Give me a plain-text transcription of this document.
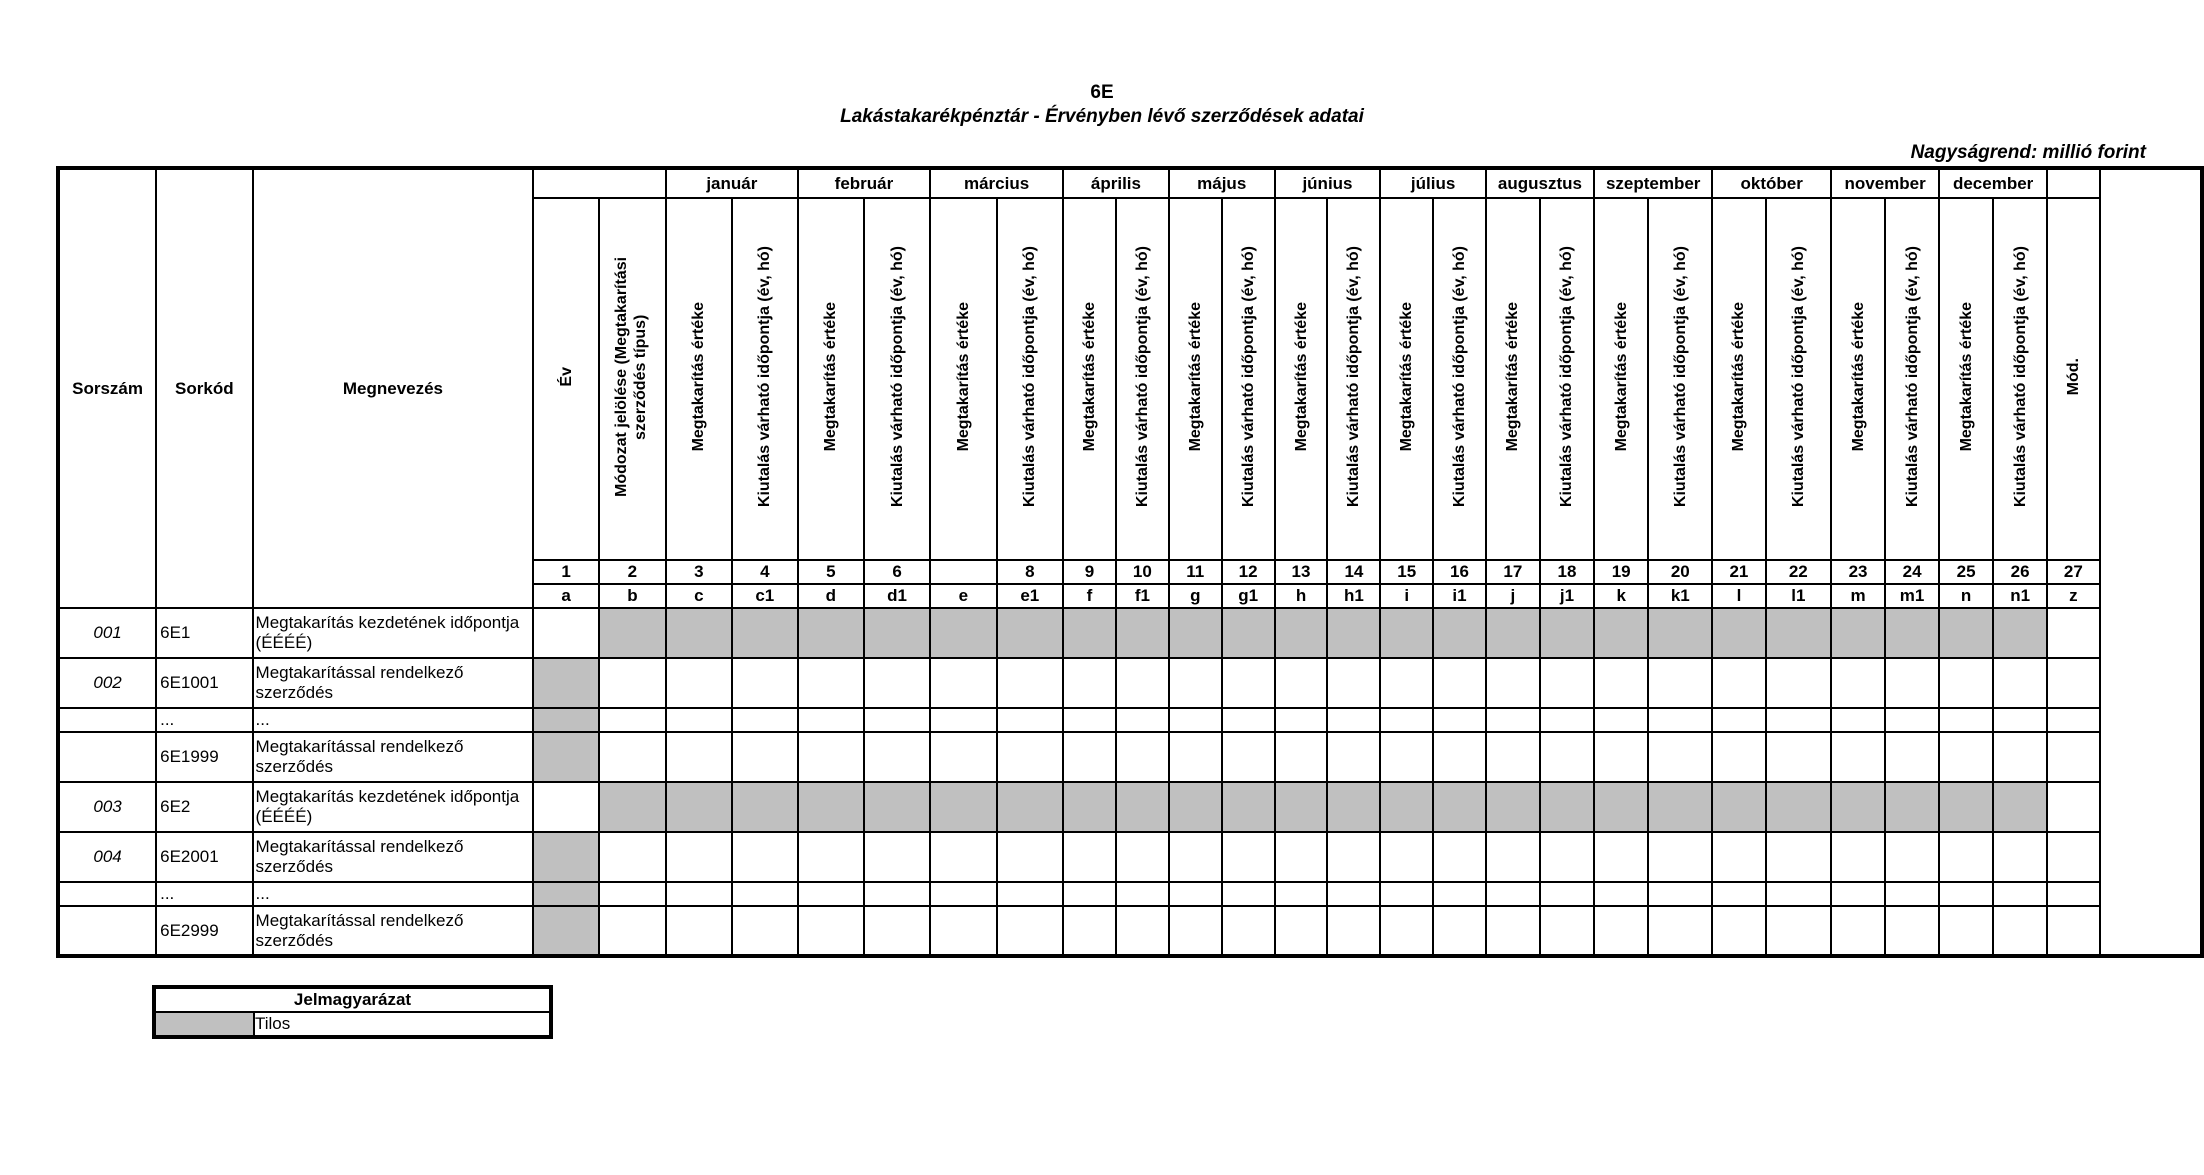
6E
Lakástakarékpénztár - Érvényben lévő szerződések adatai
Nagyságrend: millió forint
Sorszám	Sorkód	Megnevezés			január		február		március		április		május		június		július		augusztus		szeptember		október		november		december		
			Év	Módozat jelölése (Megtakarítási szerződés típus)	Megtakarítás értéke	Kiutalás várható időpontja (év, hó)	Megtakarítás értéke	Kiutalás várható időpontja (év, hó)	Megtakarítás értéke	Kiutalás várható időpontja (év, hó)	Megtakarítás értéke	Kiutalás várható időpontja (év, hó)	Megtakarítás értéke	Kiutalás várható időpontja (év, hó)	Megtakarítás értéke	Kiutalás várható időpontja (év, hó)	Megtakarítás értéke	Kiutalás várható időpontja (év, hó)	Megtakarítás értéke	Kiutalás várható időpontja (év, hó)	Megtakarítás értéke	Kiutalás várható időpontja (év, hó)	Megtakarítás értéke	Kiutalás várható időpontja (év, hó)	Megtakarítás értéke	Kiutalás várható időpontja (év, hó)	Megtakarítás értéke	Kiutalás várható időpontja (év, hó)	Mód.
			1	2	3	4	5	6		8	9	10	11	12	13	14	15	16	17	18	19	20	21	22	23	24	25	26	27
			a	b	c	c1	d	d1	e	e1	f	f1	g	g1	h	h1	i	i1	j	j1	k	k1	l	l1	m	m1	n	n1	z
001	6E1	Megtakarítás kezdetének időpontja (ÉÉÉÉ)																											
002	6E1001	Megtakarítással rendelkező szerződés																											
	...	...																											
	6E1999	Megtakarítással rendelkező szerződés																											
003	6E2	Megtakarítás kezdetének időpontja (ÉÉÉÉ)																											
004	6E2001	Megtakarítással rendelkező szerződés																											
	...	...																											
	6E2999	Megtakarítással rendelkező szerződés																											
Jelmagyarázat
	Tilos
